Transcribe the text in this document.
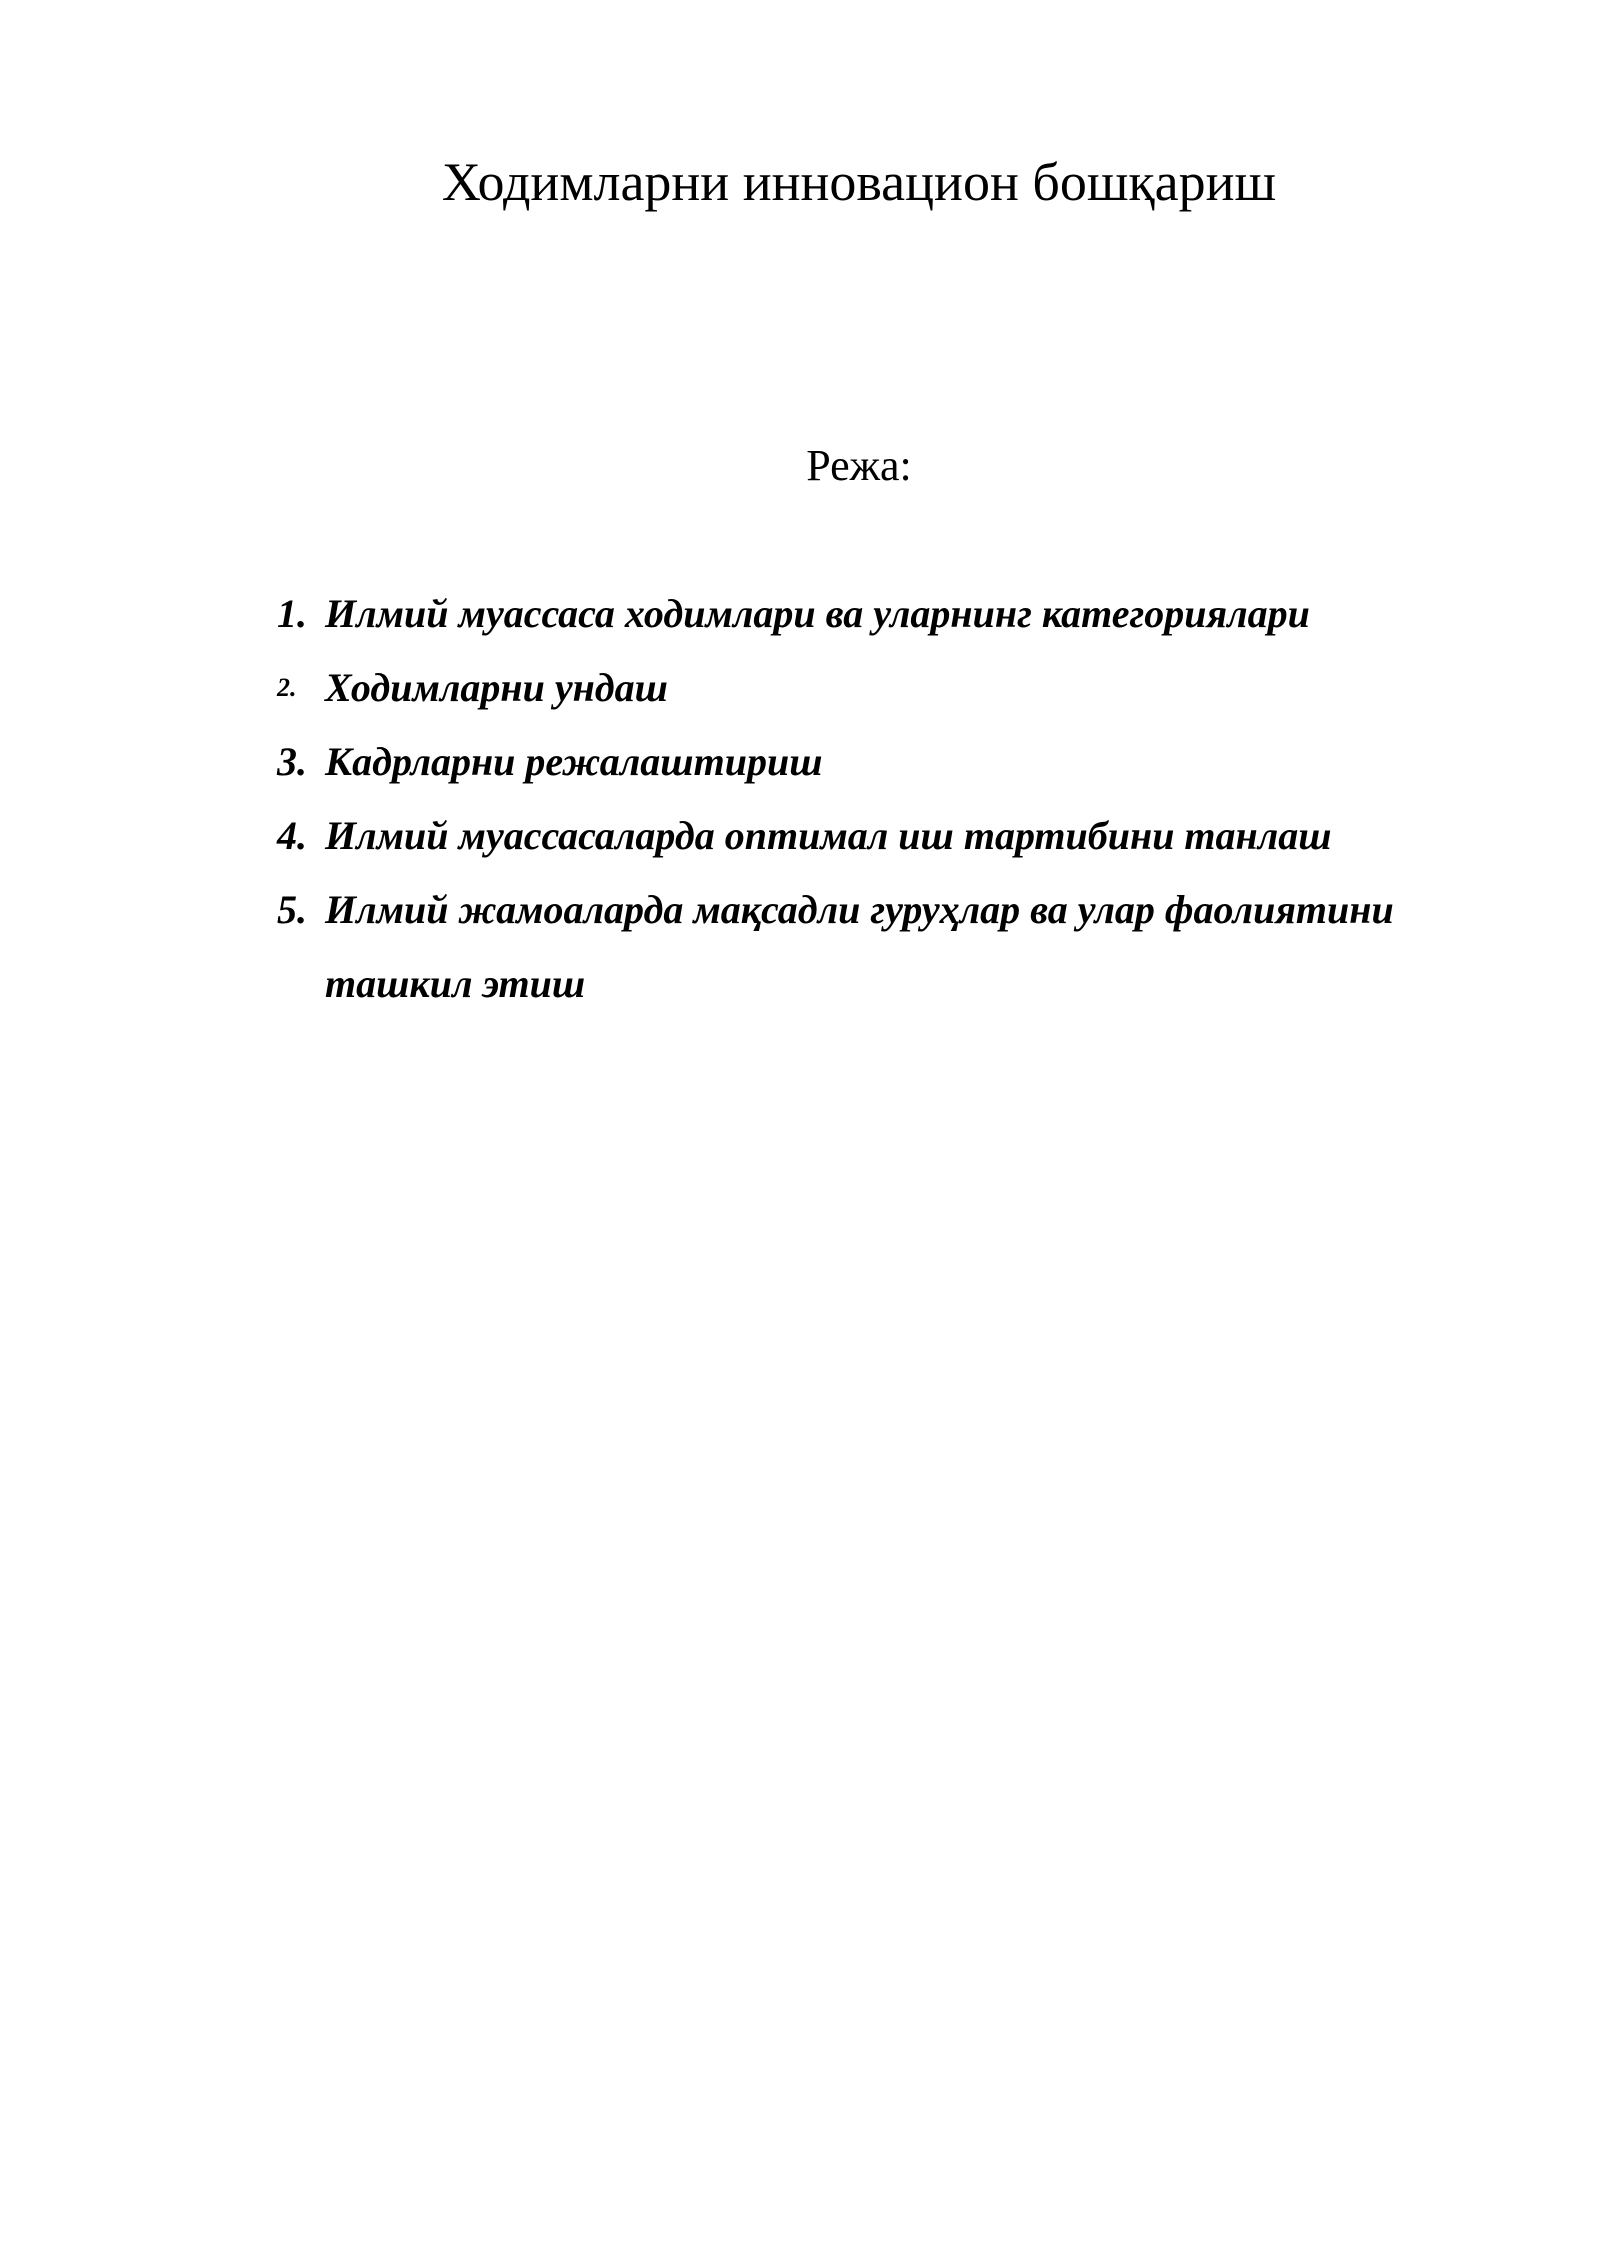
Ходимларни инновацион бошқариш
Режа:
1. Илмий муассаса ходимлари ва уларнинг категориялари
2. Ходимларни ундаш
3. Кадрларни режалаштириш
4. Илмий муассасаларда оптимал иш тартибини танлаш
5. Илмий жамоаларда мақсадли гуруҳлар ва улар фаолиятини ташкил этиш
